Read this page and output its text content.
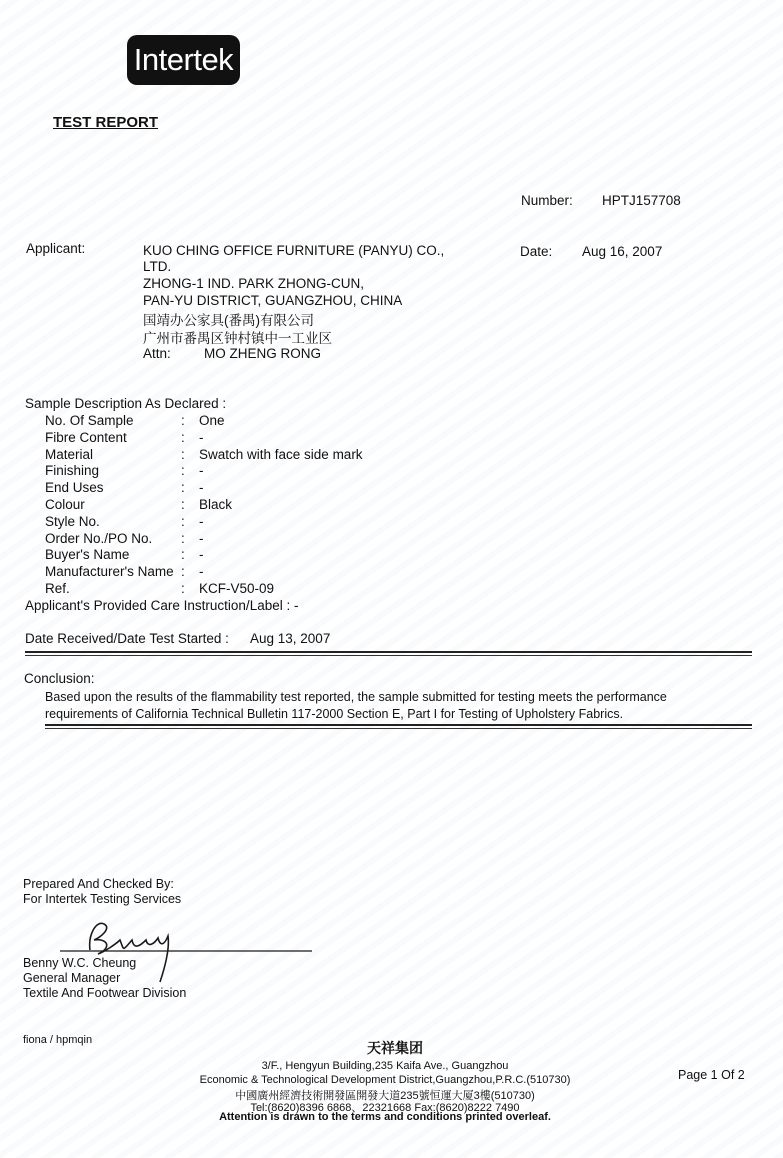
Intertek
TEST REPORT
Number: HPTJ157708
Date: Aug 16, 2007
Applicant:	KUO CHING OFFICE FURNITURE (PANYU) CO.,
LTD.
ZHONG-1 IND. PARK ZHONG-CUN,
PAN-YU DISTRICT, GUANGZHOU, CHINA
国靖办公家具(番禺)有限公司
广州市番禺区钟村镇中一工业区
Attn: MO ZHENG RONG
Sample Description As Declared :
No. Of Sample	: One
Fibre Content	: -
Material	: Swatch with face side mark
Finishing	: -
End Uses	: -
Colour	: Black
Style No.	: -
Order No./PO No. : -
Buyer's Name	: -
Manufacturer's Name : -
Ref.	: KCF-V50-09
Applicant's Provided Care Instruction/Label : -
Date Received/Date Test Started : Aug 13, 2007
Conclusion:
Based upon the results of the flammability test reported, the sample submitted for testing meets the performance
requirements of California Technical Bulletin 117-2000 Section E, Part I for Testing of Upholstery Fabrics.
Prepared And Checked By:
For Intertek Testing Services
Benny W.C. Cheung
General Manager
Textile And Footwear Division
fiona / hpmqin
天祥集团
3/F., Hengyun Building,235 Kaifa Ave., Guangzhou
Economic & Technological Development District,Guangzhou,P.R.C.(510730)
中國廣州經濟技術開發區開發大道235號恒運大厦3樓(510730)
Tel:(8620)8396 6868、22321668 Fax:(8620)8222 7490
Attention is drawn to the terms and conditions printed overleaf.
Page 1 Of 2
